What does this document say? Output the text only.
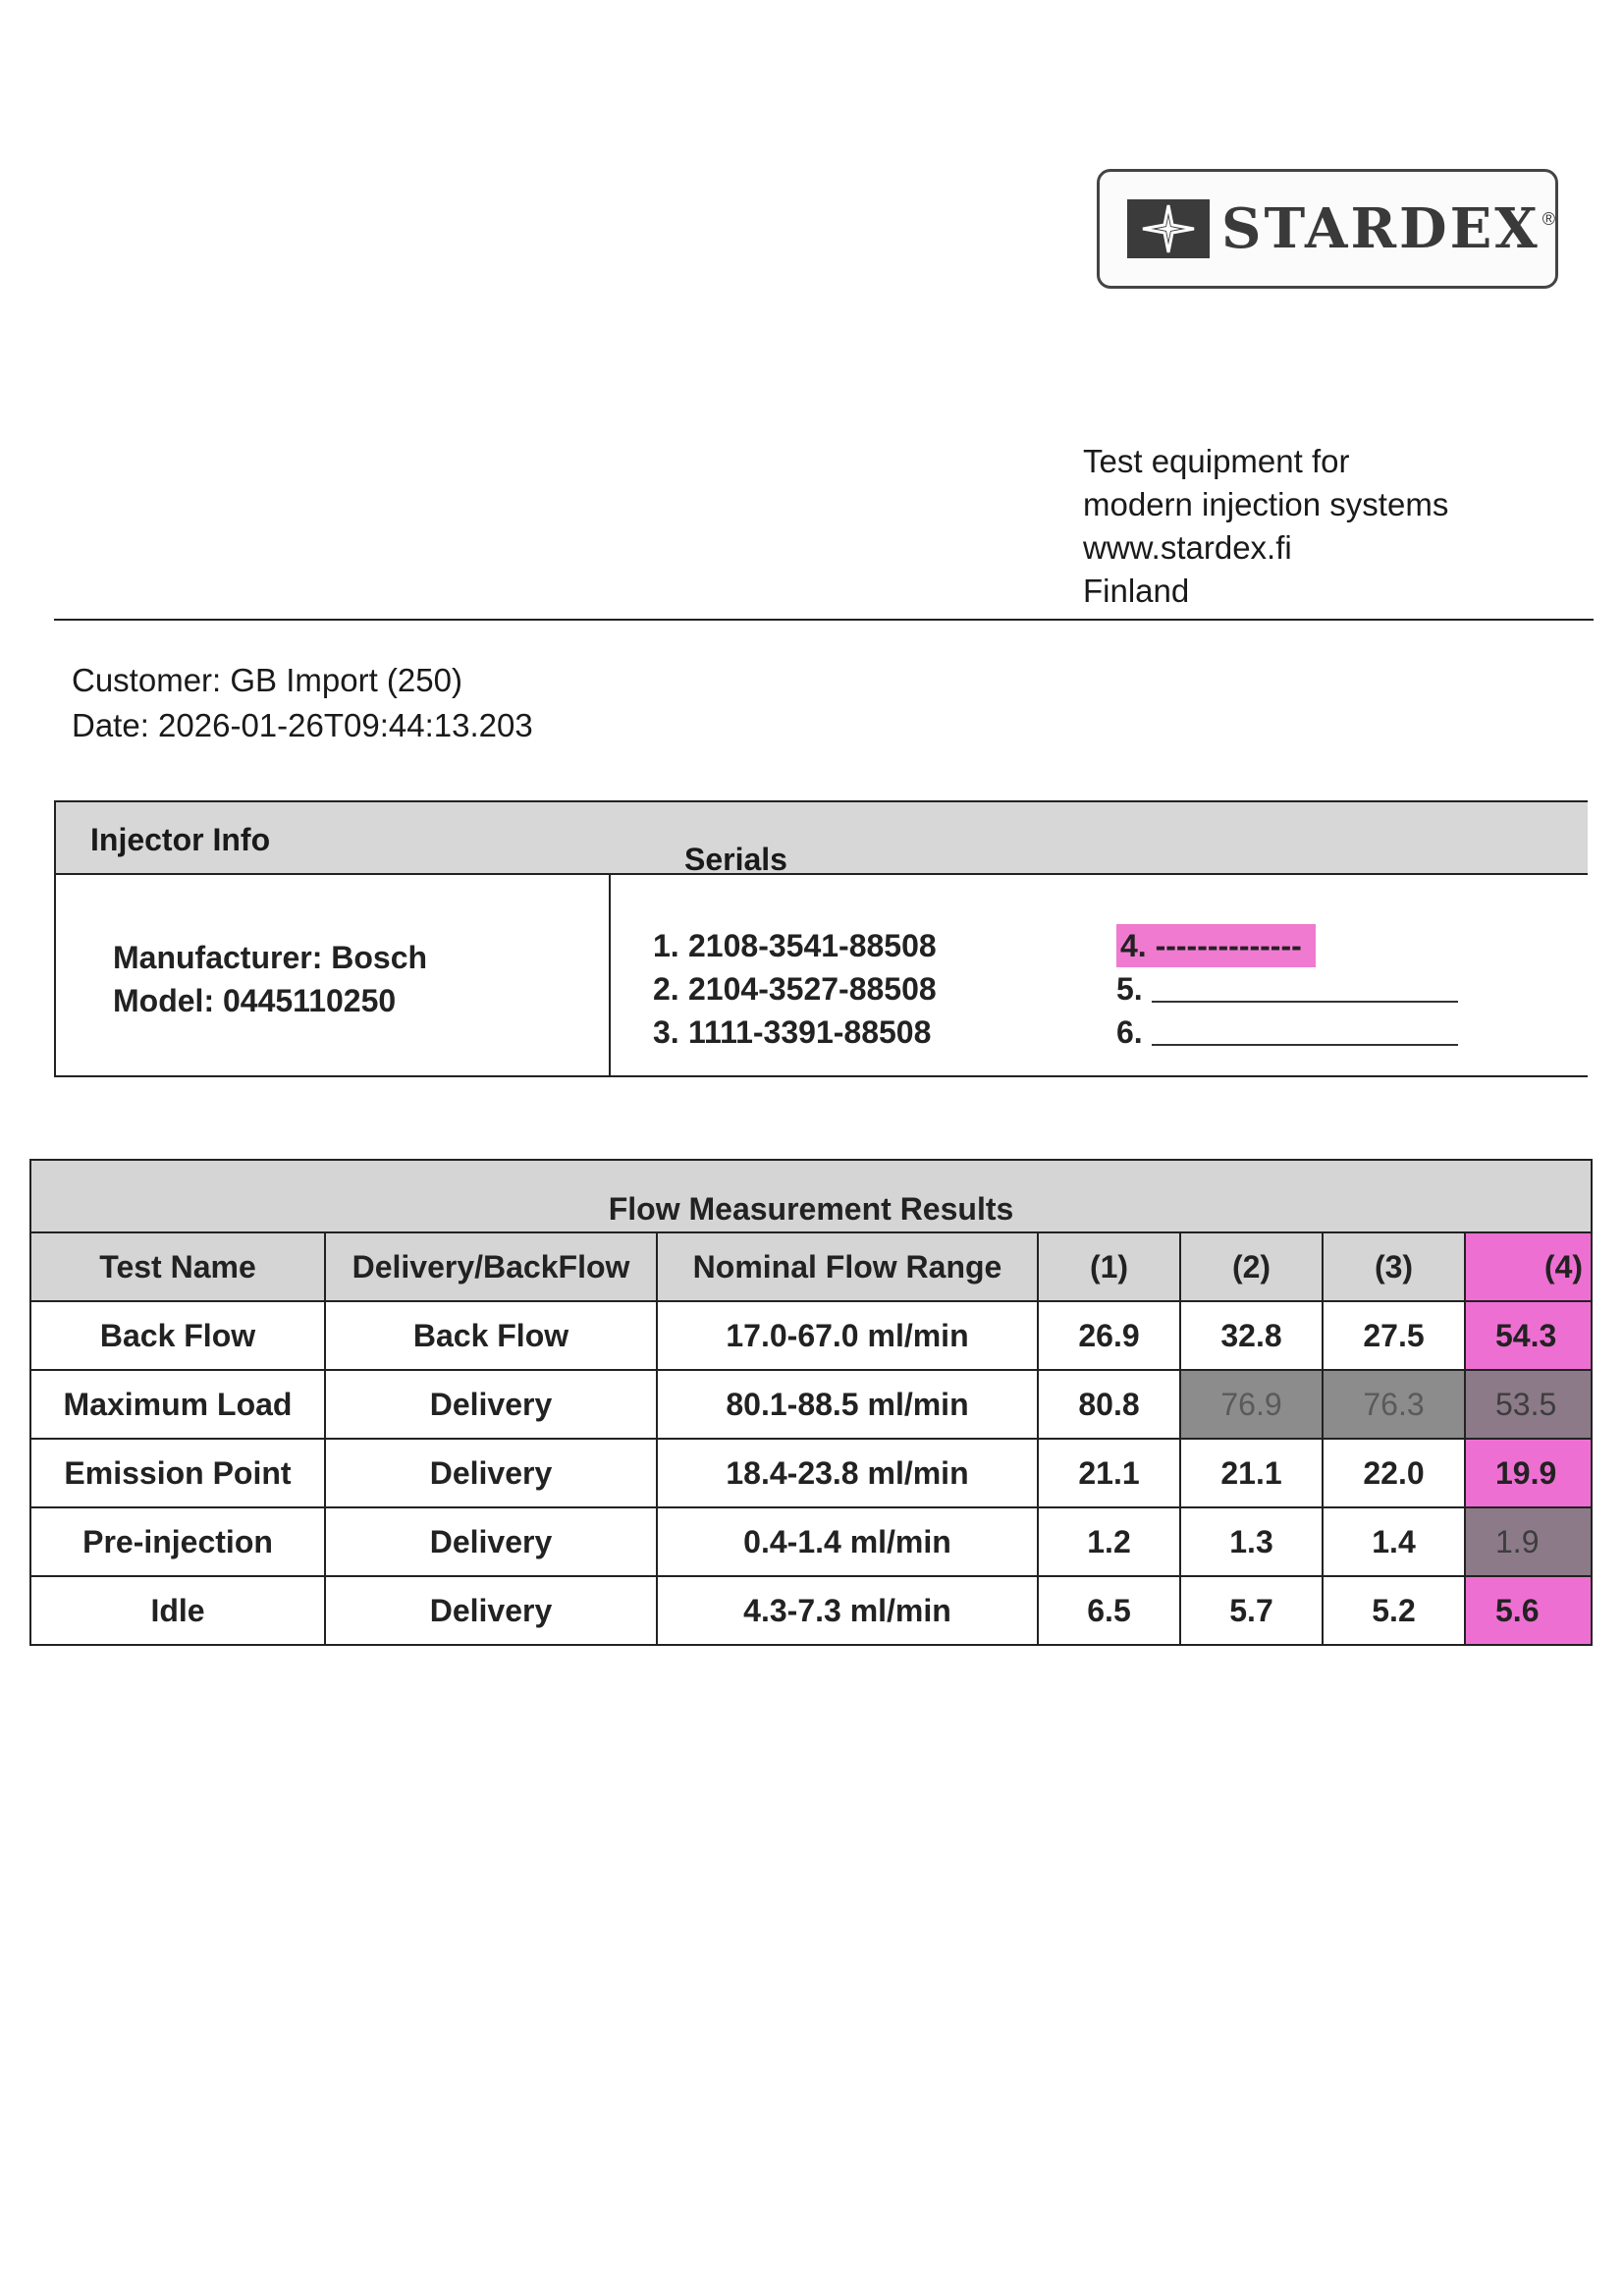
STARDEX ®
Test equipment for
modern injection systems
www.stardex.fi
Finland
Customer: GB Import (250)
Date: 2026-01-26T09:44:13.203
Injector Info
Serials
Manufacturer: Bosch
Model: 0445110250
1. 2108-3541-88508
2. 2104-3527-88508
3. 1111-3391-88508
4. --------------
5.
6.
Flow Measurement Results						
Test Name	Delivery/BackFlow	Nominal Flow Range	(1)	(2)	(3)	(4)
Back Flow	Back Flow	17.0-67.0 ml/min	26.9	32.8	27.5	54.3
Maximum Load	Delivery	80.1-88.5 ml/min	80.8	76.9	76.3	53.5
Emission Point	Delivery	18.4-23.8 ml/min	21.1	21.1	22.0	19.9
Pre-injection	Delivery	0.4-1.4 ml/min	1.2	1.3	1.4	1.9
Idle	Delivery	4.3-7.3 ml/min	6.5	5.7	5.2	5.6
